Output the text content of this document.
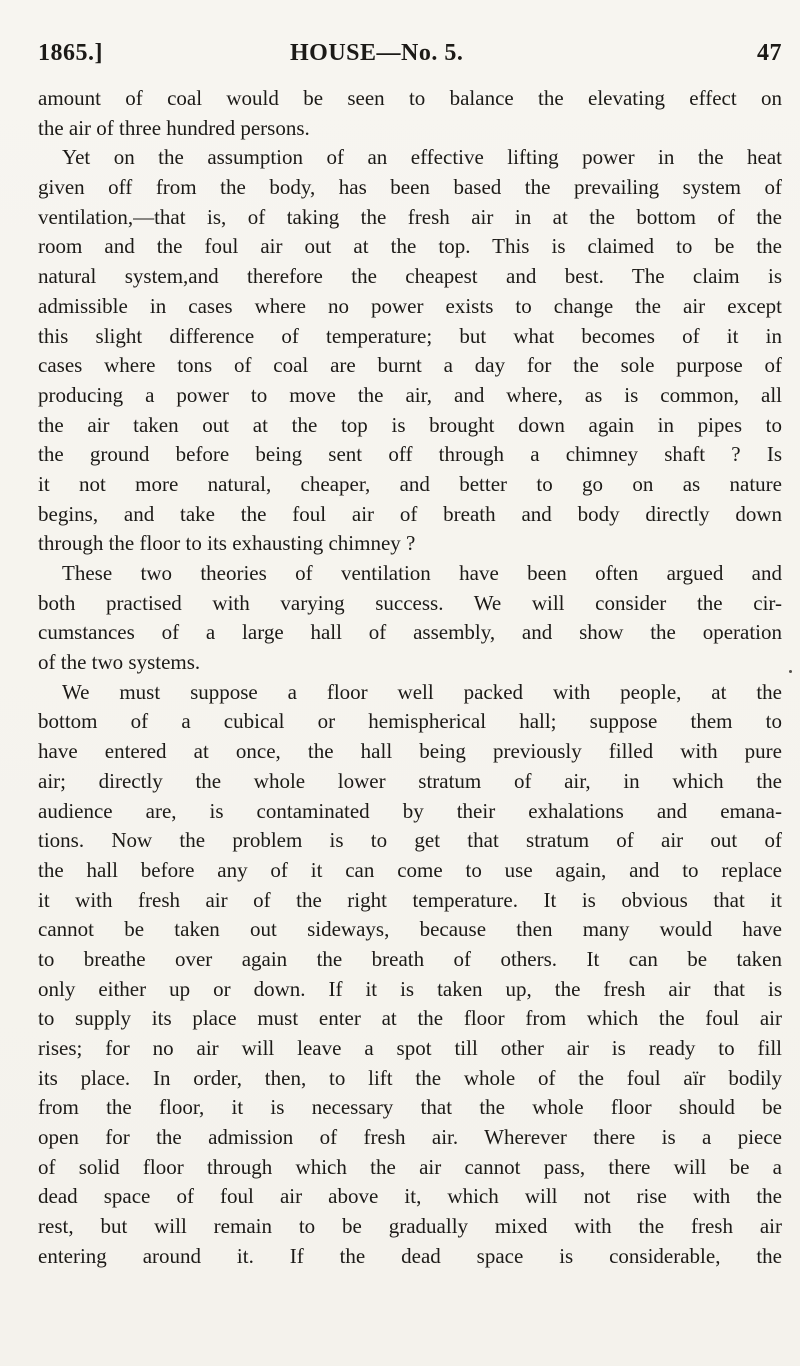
1865.]	HOUSE—No. 5.	47
amount of coal would be seen to balance the elevating effect on
the air of three hundred persons.
Yet on the assumption of an effective lifting power in the heat
given off from the body, has been based the prevailing system of
ventilation,—that is, of taking the fresh air in at the bottom of the
room and the foul air out at the top. This is claimed to be the
natural system,and therefore the cheapest and best. The claim is
admissible in cases where no power exists to change the air except
this slight difference of temperature; but what becomes of it in
cases where tons of coal are burnt a day for the sole purpose of
producing a power to move the air, and where, as is common, all
the air taken out at the top is brought down again in pipes to
the ground before being sent off through a chimney shaft ? Is
it not more natural, cheaper, and better to go on as nature
begins, and take the foul air of breath and body directly down
through the floor to its exhausting chimney ?
These two theories of ventilation have been often argued and
both practised with varying success. We will consider the cir-
cumstances of a large hall of assembly, and show the operation
of the two systems.
We must suppose a floor well packed with people, at the
bottom of a cubical or hemispherical hall; suppose them to
have entered at once, the hall being previously filled with pure
air; directly the whole lower stratum of air, in which the
audience are, is contaminated by their exhalations and emana-
tions. Now the problem is to get that stratum of air out of
the hall before any of it can come to use again, and to replace
it with fresh air of the right temperature. It is obvious that it
cannot be taken out sideways, because then many would have
to breathe over again the breath of others. It can be taken
only either up or down. If it is taken up, the fresh air that is
to supply its place must enter at the floor from which the foul air
rises; for no air will leave a spot till other air is ready to fill
its place. In order, then, to lift the whole of the foul aïr bodily
from the floor, it is necessary that the whole floor should be
open for the admission of fresh air. Wherever there is a piece
of solid floor through which the air cannot pass, there will be a
dead space of foul air above it, which will not rise with the
rest, but will remain to be gradually mixed with the fresh air
entering around it. If the dead space is considerable, the
